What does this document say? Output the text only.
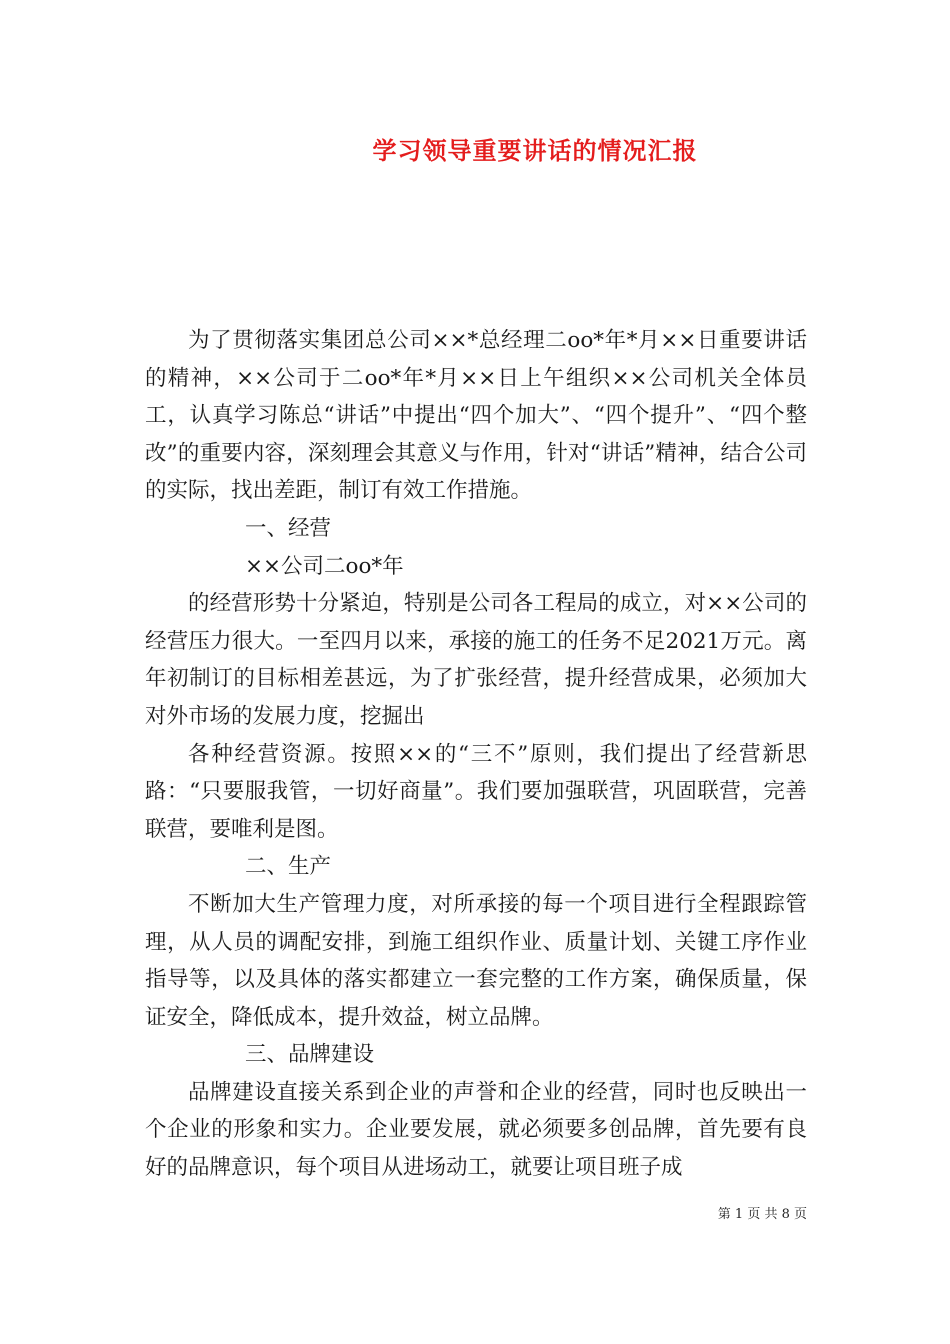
学习领导重要讲话的情况汇报

为了贯彻落实集团总公司××*总经理二oo*年*月××日重要讲话的精神，××公司于二oo*年*月××日上午组织××公司机关全体员工，认真学习陈总“讲话”中提出“四个加大”、“四个提升”、“四个整改”的重要内容，深刻理会其意义与作用，针对“讲话”精神，结合公司的实际，找出差距，制订有效工作措施。

一、经营

××公司二oo*年

的经营形势十分紧迫，特别是公司各工程局的成立，对××公司的经营压力很大。一至四月以来，承接的施工的任务不足2021万元。离年初制订的目标相差甚远，为了扩张经营，提升经营成果，必须加大对外市场的发展力度，挖掘出

各种经营资源。按照××的“三不”原则，我们提出了经营新思路：“只要服我管，一切好商量”。我们要加强联营，巩固联营，完善联营，要唯利是图。

二、生产

不断加大生产管理力度，对所承接的每一个项目进行全程跟踪管理，从人员的调配安排，到施工组织作业、质量计划、关键工序作业指导等，以及具体的落实都建立一套完整的工作方案，确保质量，保证安全，降低成本，提升效益，树立品牌。

三、品牌建设

品牌建设直接关系到企业的声誉和企业的经营，同时也反映出一个企业的形象和实力。企业要发展，就必须要多创品牌，首先要有良好的品牌意识，每个项目从进场动工，就要让项目班子成

第 1 页 共 8 页
